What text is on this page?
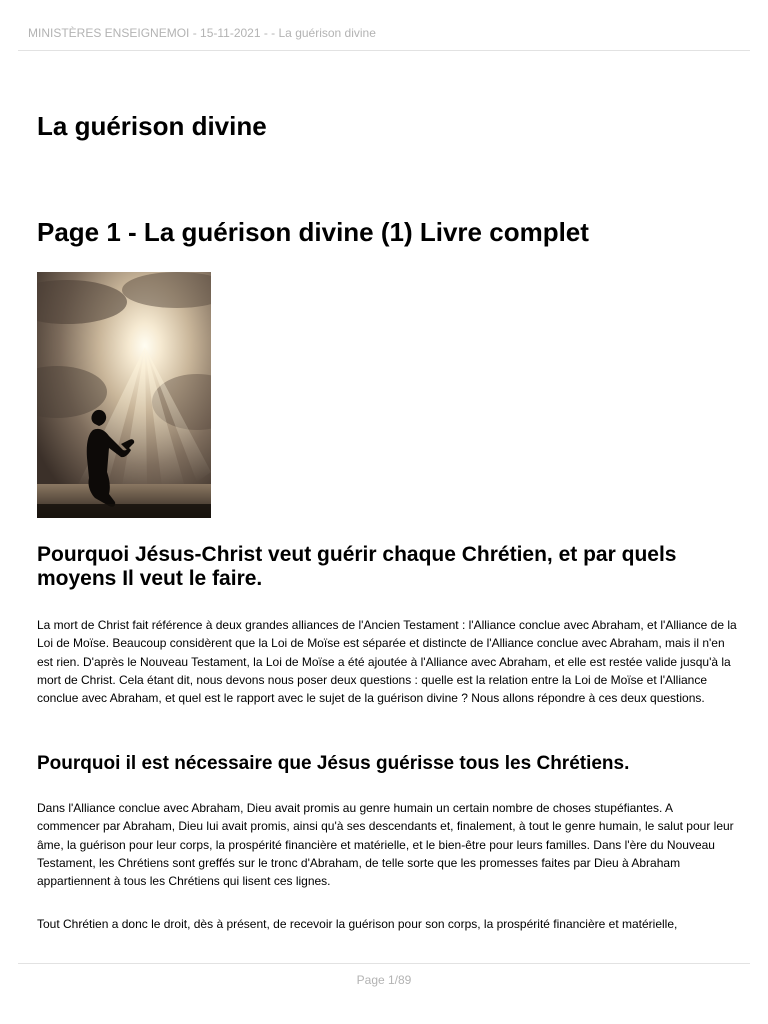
MINISTÈRES ENSEIGNEMOI - 15-11-2021 - - La guérison divine
La guérison divine
Page 1 - La guérison divine (1) Livre complet
Pourquoi Jésus-Christ veut guérir chaque Chrétien, et par quels moyens Il veut le faire.

La mort de Christ fait référence à deux grandes alliances de l'Ancien Testament : l'Alliance conclue avec Abraham, et l'Alliance de la Loi de Moïse. Beaucoup considèrent que la Loi de Moïse est séparée et distincte de l'Alliance conclue avec Abraham, mais il n'en est rien. D'après le Nouveau Testament, la Loi de Moïse a été ajoutée à l'Alliance avec Abraham, et elle est restée valide jusqu'à la mort de Christ. Cela étant dit, nous devons nous poser deux questions : quelle est la relation entre la Loi de Moïse et l'Alliance conclue avec Abraham, et quel est le rapport avec le sujet de la guérison divine ? Nous allons répondre à ces deux questions.

Pourquoi il est nécessaire que Jésus guérisse tous les Chrétiens.

Dans l'Alliance conclue avec Abraham, Dieu avait promis au genre humain un certain nombre de choses stupéfiantes. A commencer par Abraham, Dieu lui avait promis, ainsi qu'à ses descendants et, finalement, à tout le genre humain, le salut pour leur âme, la guérison pour leur corps, la prospérité financière et matérielle, et le bien-être pour leurs familles. Dans l'ère du Nouveau Testament, les Chrétiens sont greffés sur le tronc d'Abraham, de telle sorte que les promesses faites par Dieu à Abraham appartiennent à tous les Chrétiens qui lisent ces lignes.

Tout Chrétien a donc le droit, dès à présent, de recevoir la guérison pour son corps, la prospérité financière et matérielle,

Page 1/89
